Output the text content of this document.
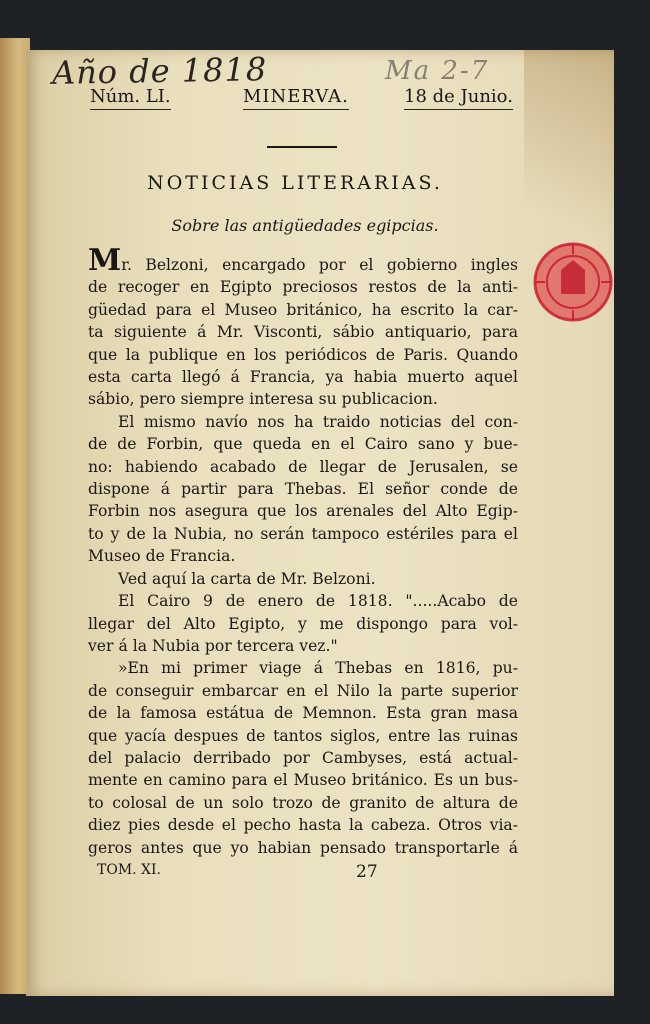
Año de 1818	Ma 2-7
Núm. LI.	MINERVA.	18 de Junio.
NOTICIAS LITERARIAS.
Sobre las antigüedades egipcias.
Mr. Belzoni, encargado por el gobierno ingles
de recoger en Egipto preciosos restos de la anti-
güedad para el Museo británico, ha escrito la car-
ta siguiente á Mr. Visconti, sábio antiquario, para
que la publique en los periódicos de Paris. Quando
esta carta llegó á Francia, ya habia muerto aquel
sábio, pero siempre interesa su publicacion.
El mismo navío nos ha traido noticias del con-
de de Forbin, que queda en el Cairo sano y bue-
no: habiendo acabado de llegar de Jerusalen, se
dispone á partir para Thebas. El señor conde de
Forbin nos asegura que los arenales del Alto Egip-
to y de la Nubia, no serán tampoco estériles para el
Museo de Francia.
Ved aquí la carta de Mr. Belzoni.
El Cairo 9 de enero de 1818. ".....Acabo de
llegar del Alto Egipto, y me dispongo para vol-
ver á la Nubia por tercera vez."
»En mi primer viage á Thebas en 1816, pu-
de conseguir embarcar en el Nilo la parte superior
de la famosa estátua de Memnon. Esta gran masa
que yacía despues de tantos siglos, entre las ruinas
del palacio derribado por Cambyses, está actual-
mente en camino para el Museo británico. Es un bus-
to colosal de un solo trozo de granito de altura de
diez pies desde el pecho hasta la cabeza. Otros via-
geros antes que yo habian pensado transportarle á
TOM. XI.	27
